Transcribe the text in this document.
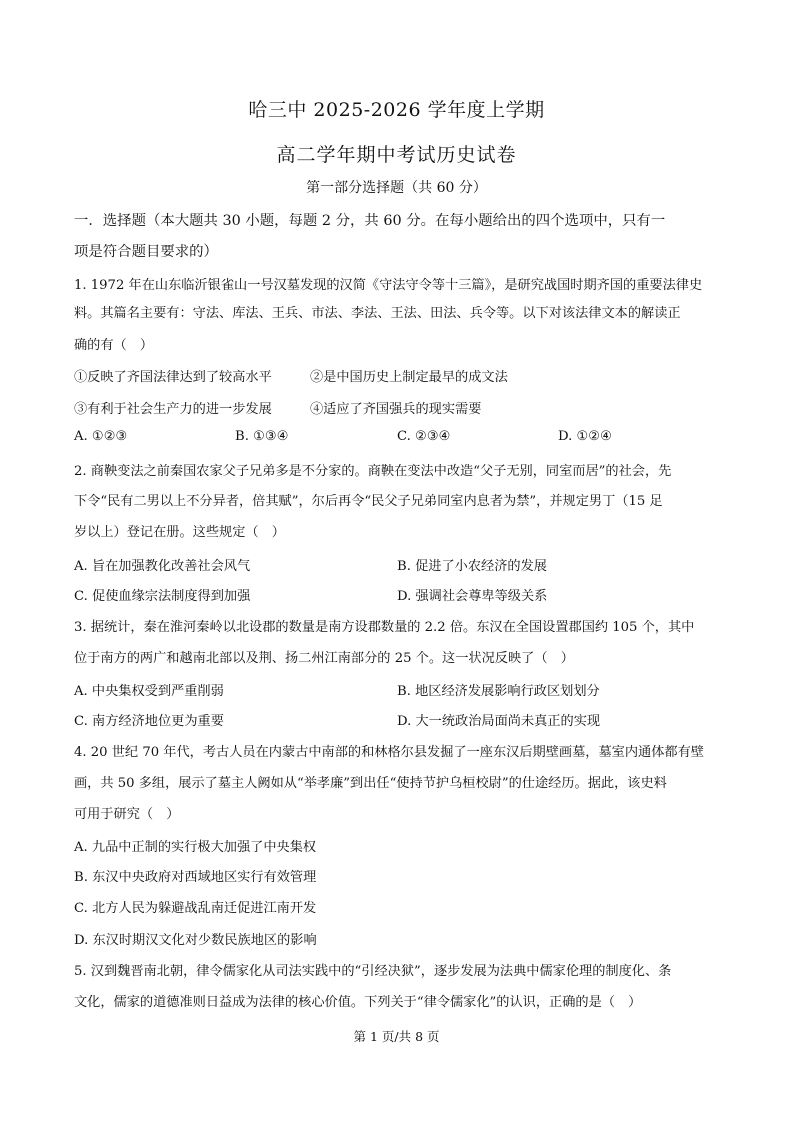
哈三中 2025-2026 学年度上学期
高二学年期中考试历史试卷
第一部分选择题（共 60 分）
一．选择题（本大题共 30 小题，每题 2 分，共 60 分。在每小题给出的四个选项中，只有一
项是符合题目要求的）
1. 1972 年在山东临沂银雀山一号汉墓发现的汉简《守法守令等十三篇》，是研究战国时期齐国的重要法律史
料。其篇名主要有：守法、库法、王兵、市法、李法、王法、田法、兵令等。以下对该法律文本的解读正
确的有（　）
①反映了齐国法律达到了较高水平	②是中国历史上制定最早的成文法
③有利于社会生产力的进一步发展	④适应了齐国强兵的现实需要
A. ①②③	B. ①③④	C. ②③④	D. ①②④
2. 商鞅变法之前秦国农家父子兄弟多是不分家的。商鞅在变法中改造“父子无别，同室而居”的社会，先
下令“民有二男以上不分异者，倍其赋”，尔后再令“民父子兄弟同室内息者为禁”，并规定男丁（15 足
岁以上）登记在册。这些规定（　）
A. 旨在加强教化改善社会风气	B. 促进了小农经济的发展
C. 促使血缘宗法制度得到加强	D. 强调社会尊卑等级关系
3. 据统计，秦在淮河秦岭以北设郡的数量是南方设郡数量的 2.2 倍。东汉在全国设置郡国约 105 个，其中
位于南方的两广和越南北部以及荆、扬二州江南部分的 25 个。这一状况反映了（　）
A. 中央集权受到严重削弱	B. 地区经济发展影响行政区划划分
C. 南方经济地位更为重要	D. 大一统政治局面尚未真正的实现
4. 20 世纪 70 年代，考古人员在内蒙古中南部的和林格尔县发掘了一座东汉后期壁画墓，墓室内通体都有壁
画，共 50 多组，展示了墓主人阙如从“举孝廉”到出任“使持节护乌桓校尉”的仕途经历。据此，该史料
可用于研究（　）
A. 九品中正制的实行极大加强了中央集权
B. 东汉中央政府对西域地区实行有效管理
C. 北方人民为躲避战乱南迁促进江南开发
D. 东汉时期汉文化对少数民族地区的影响
5. 汉到魏晋南北朝，律令儒家化从司法实践中的“引经决狱”，逐步发展为法典中儒家伦理的制度化、条
文化，儒家的道德准则日益成为法律的核心价值。下列关于“律令儒家化”的认识，正确的是（　）
第 1 页/共 8 页
